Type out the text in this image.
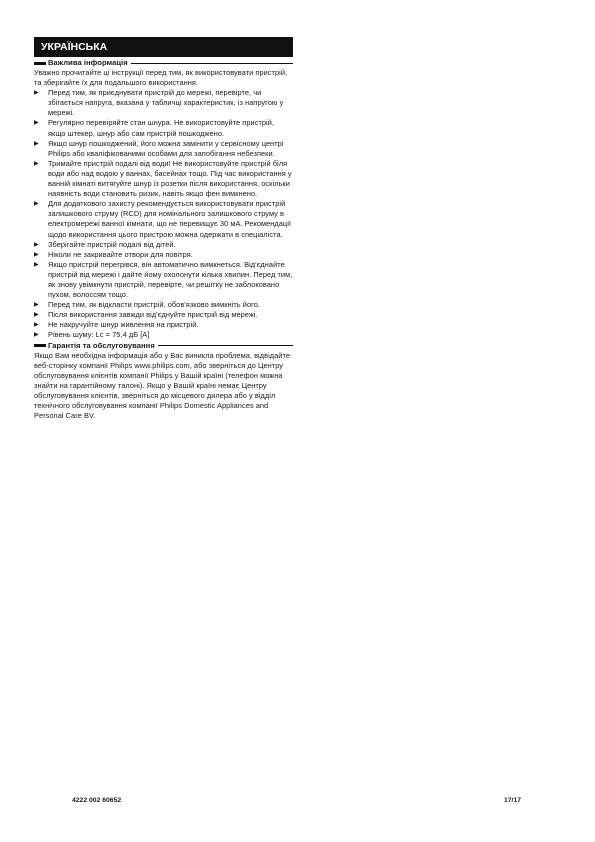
УКРАЇНСЬКА
Важлива інформація

Уважно прочитайте ці інструкції перед тим, як використовувати пристрій, та зберігайте їх для подальшого використання.

▶ Перед тим, як приєднувати пристрій до мережі, перевірте, чи збігається напруга, вказана у табличці характеристик, із напругою у мережі.
▶ Регулярно перевіряйте стан шнура. Не використовуйте пристрій, якщо штекер, шнур або сам пристрій пошкоджено.
▶ Якщо шнур пошкоджений, його можна замінити у сервісному центрі Philips або кваліфікованими особами для запобігання небезпеки.
▶ Тримайте пристрій подалі від води! Не використовуйте пристрій біля води або над водою у ваннах, басейнах тощо. Під час використання у ванній кімнаті витягуйте шнур із розетки після використання, оскільки наявність води становить ризик, навіть якщо фен вимкнено.
▶ Для додаткового захисту рекомендується використовувати пристрій залишкового струму (RCD) для номінального залишкового струму в електромережі ванної кімнати, що не перевищує 30 мА. Рекомендації щодо використання цього пристрою можна одержати в спеціаліста.
▶ Зберігайте пристрій подалі від дітей.
▶ Ніколи не закривайте отвори для повітря.
▶ Якщо пристрій перегрівся, він автоматично вимкнеться. Від'єднайте пристрій від мережі і дайте йому охолонути кілька хвилин. Перед тим, як знову увімкнути пристрій, перевірте, чи решітку не заблоковано пухом, волоссям тощо.
▶ Перед тим, як відкласти пристрій, обов'язково вимкніть його.
▶ Після використання завжди від'єднуйте пристрій від мережі.
▶ Не накручуйте шнур живлення на пристрій.
▶ Рівень шуму: Lc = 75,4 дБ [A]
Гарантія та обслуговування

Якщо Вам необхідна інформація або у Вас виникла проблема, відвідайте веб-сторінку компанії Philips www.philips.com, або зверніться до Центру обслуговування клієнтів компанії Philips у Вашій країні (телефон можна знайти на гарантійному талоні). Якщо у Вашій країні немає Центру обслуговування клієнтів, зверніться до місцевого дилера або у відділ технічного обслуговування компанії Philips Domestic Appliances and Personal Care BV.

4222 002 60652	17/17
